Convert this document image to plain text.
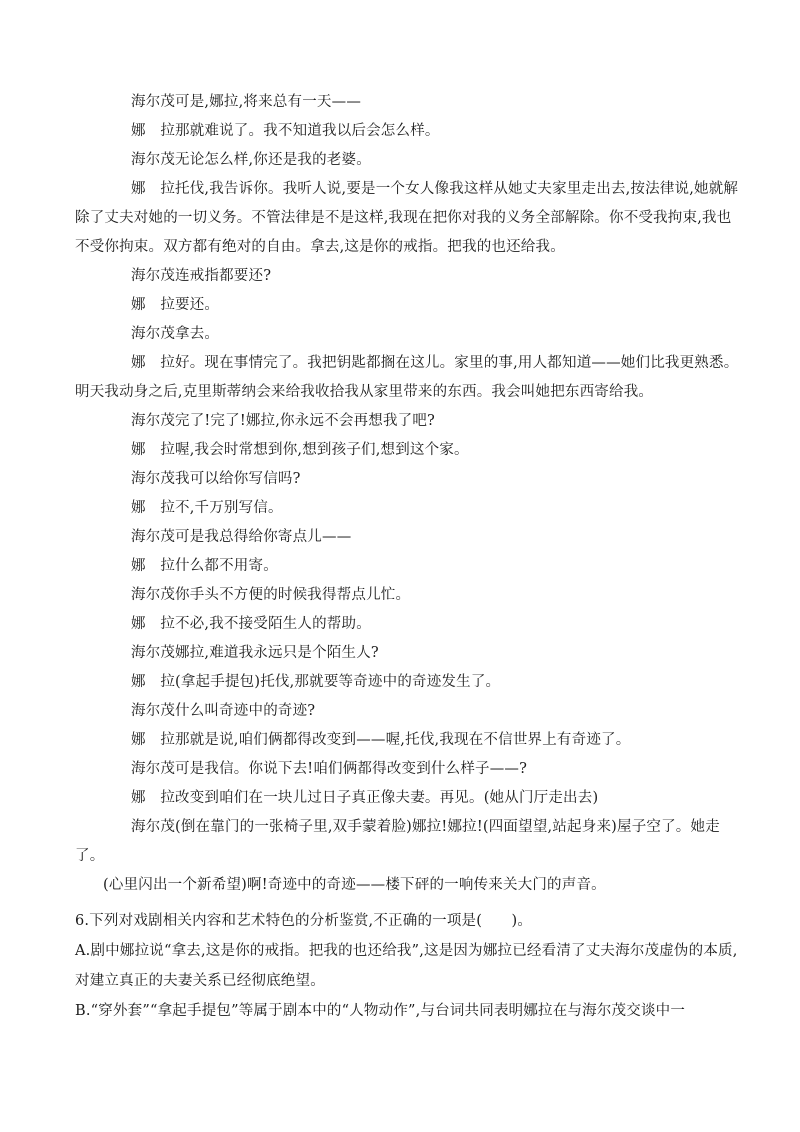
海尔茂可是,娜拉,将来总有一天——
娜　拉那就难说了。我不知道我以后会怎么样。
海尔茂无论怎么样,你还是我的老婆。
娜　拉托伐,我告诉你。我听人说,要是一个女人像我这样从她丈夫家里走出去,按法律说,她就解除了丈夫对她的一切义务。不管法律是不是这样,我现在把你对我的义务全部解除。你不受我拘束,我也不受你拘束。双方都有绝对的自由。拿去,这是你的戒指。把我的也还给我。
海尔茂连戒指都要还?
娜　拉要还。
海尔茂拿去。
娜　拉好。现在事情完了。我把钥匙都搁在这儿。家里的事,用人都知道——她们比我更熟悉。明天我动身之后,克里斯蒂纳会来给我收拾我从家里带来的东西。我会叫她把东西寄给我。
海尔茂完了!完了!娜拉,你永远不会再想我了吧?
娜　拉喔,我会时常想到你,想到孩子们,想到这个家。
海尔茂我可以给你写信吗?
娜　拉不,千万别写信。
海尔茂可是我总得给你寄点儿——
娜　拉什么都不用寄。
海尔茂你手头不方便的时候我得帮点儿忙。
娜　拉不必,我不接受陌生人的帮助。
海尔茂娜拉,难道我永远只是个陌生人?
娜　拉(拿起手提包)托伐,那就要等奇迹中的奇迹发生了。
海尔茂什么叫奇迹中的奇迹?
娜　拉那就是说,咱们俩都得改变到——喔,托伐,我现在不信世界上有奇迹了。
海尔茂可是我信。你说下去!咱们俩都得改变到什么样子——?
娜　拉改变到咱们在一块儿过日子真正像夫妻。再见。(她从门厅走出去)
海尔茂(倒在靠门的一张椅子里,双手蒙着脸)娜拉!娜拉!(四面望望,站起身来)屋子空了。她走了。
(心里闪出一个新希望)啊!奇迹中的奇迹——楼下砰的一响传来关大门的声音。
6.下列对戏剧相关内容和艺术特色的分析鉴赏,不正确的一项是(　　)。
A.剧中娜拉说“拿去,这是你的戒指。把我的也还给我”,这是因为娜拉已经看清了丈夫海尔茂虚伪的本质,对建立真正的夫妻关系已经彻底绝望。
B.“穿外套”“拿起手提包”等属于剧本中的“人物动作”,与台词共同表明娜拉在与海尔茂交谈中一
